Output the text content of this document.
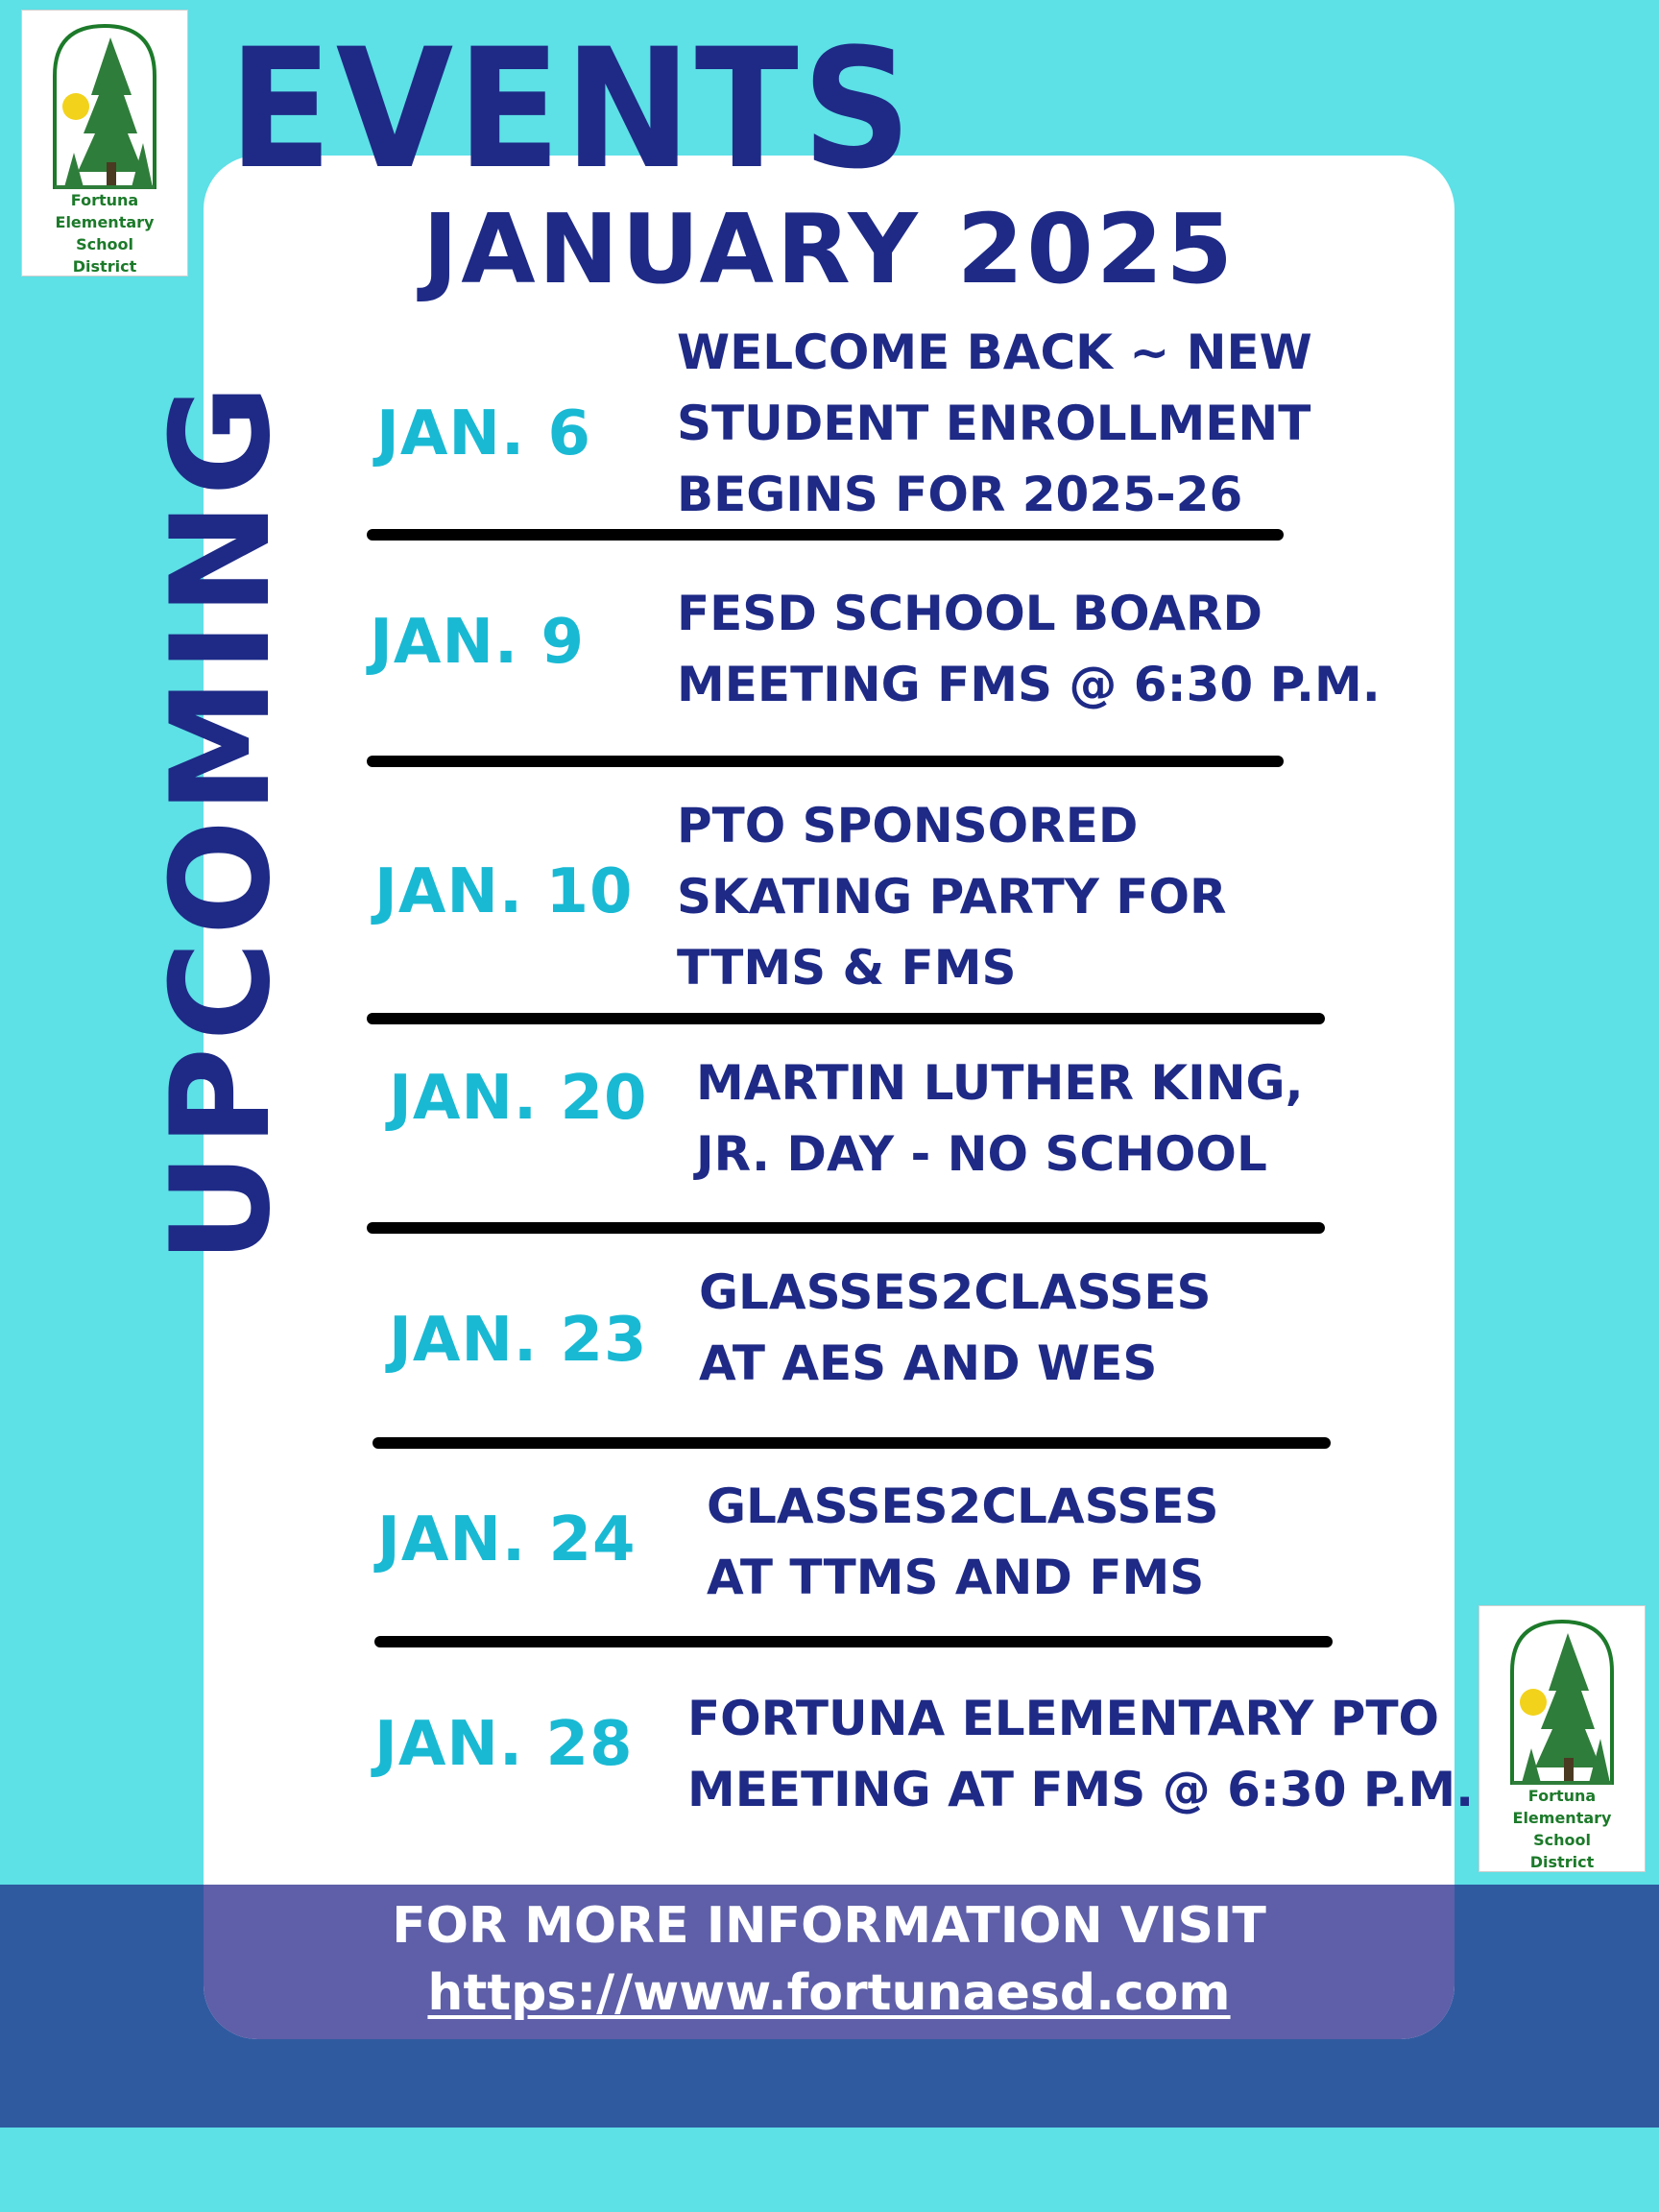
EVENTS
UPCOMING
JANUARY 2025
JAN. 6
WELCOME BACK ~ NEW
STUDENT ENROLLMENT
BEGINS FOR 2025-26
JAN. 9 FESD SCHOOL BOARD
MEETING FMS @ 6:30 P.M.
JAN. 10
PTO SPONSORED
SKATING PARTY FOR
TTMS & FMS
JAN. 20 MARTIN LUTHER KING,
JR. DAY - NO SCHOOL
JAN. 23
GLASSES2CLASSES
AT AES AND WES
JAN. 24 GLASSES2CLASSES
AT TTMS AND FMS
JAN. 28 FORTUNA ELEMENTARY PTO
MEETING AT FMS @ 6:30 P.M.
FOR MORE INFORMATION VISIT
https://www.fortunaesd.com
Fortuna
Elementary
School
District
Fortuna
Elementary
School
District
